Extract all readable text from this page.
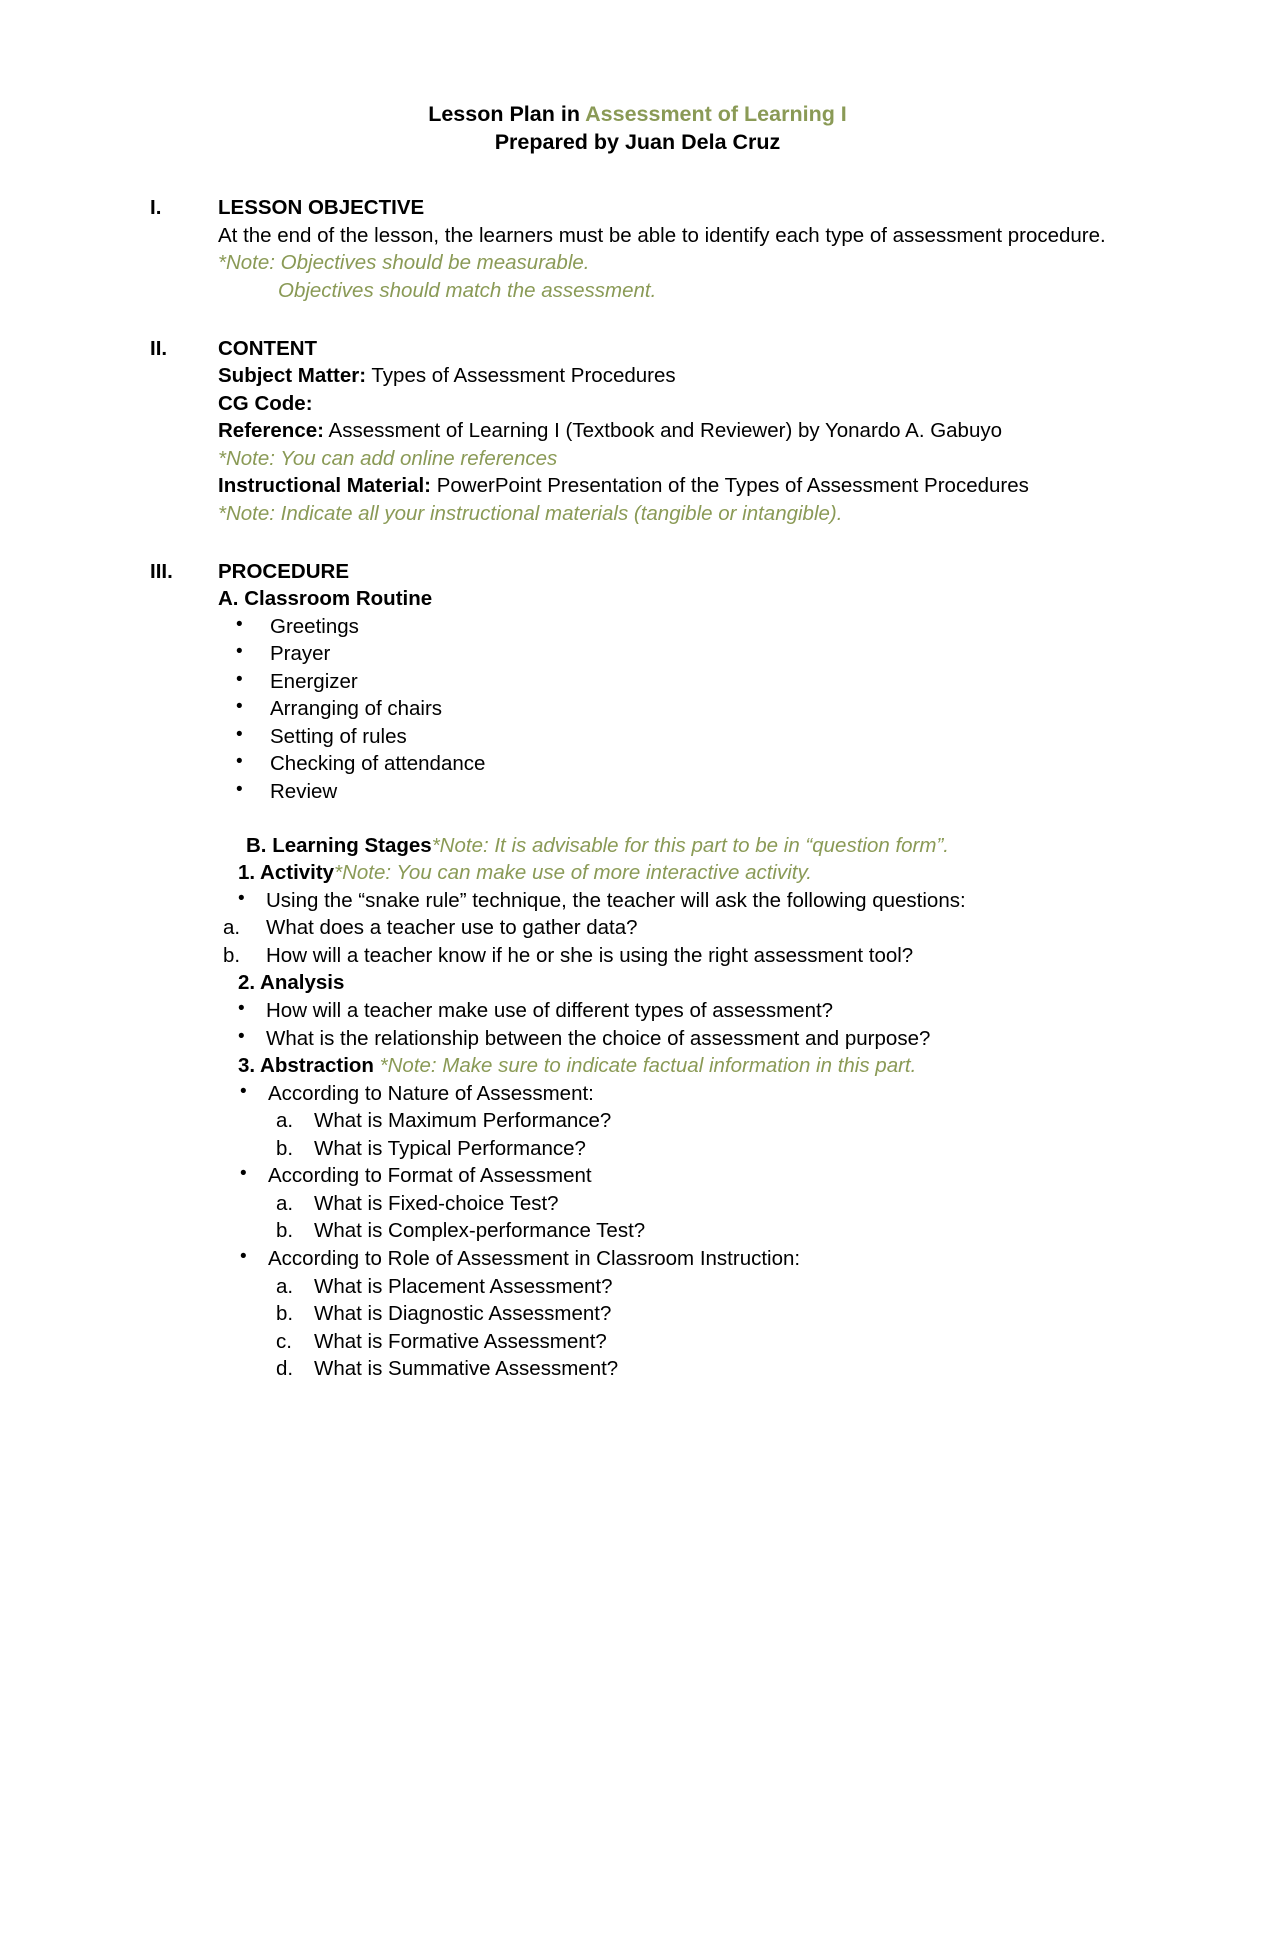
Lesson Plan in Assessment of Learning I
Prepared by Juan Dela Cruz
I.	LESSON OBJECTIVE
At the end of the lesson, the learners must be able to identify each type of assessment procedure.
*Note: Objectives should be measurable.
Objectives should match the assessment.
II.	CONTENT
Subject Matter: Types of Assessment Procedures
CG Code:
Reference: Assessment of Learning I (Textbook and Reviewer) by Yonardo A. Gabuyo
*Note: You can add online references
Instructional Material: PowerPoint Presentation of the Types of Assessment Procedures
*Note: Indicate all your instructional materials (tangible or intangible).
III.	PROCEDURE
A. Classroom Routine
• Greetings
• Prayer
• Energizer
• Arranging of chairs
• Setting of rules
• Checking of attendance
• Review
B. Learning Stages*Note: It is advisable for this part to be in “question form”.
1. Activity*Note: You can make use of more interactive activity.
• Using the “snake rule” technique, the teacher will ask the following questions:
a.	What does a teacher use to gather data?
b.	How will a teacher know if he or she is using the right assessment tool?
2. Analysis
• How will a teacher make use of different types of assessment?
• What is the relationship between the choice of assessment and purpose?
3. Abstraction *Note: Make sure to indicate factual information in this part.
• According to Nature of Assessment:
a.	What is Maximum Performance?
b.	What is Typical Performance?
• According to Format of Assessment
a.	What is Fixed-choice Test?
b.	What is Complex-performance Test?
• According to Role of Assessment in Classroom Instruction:
a.	What is Placement Assessment?
b.	What is Diagnostic Assessment?
c.	What is Formative Assessment?
d.	What is Summative Assessment?
